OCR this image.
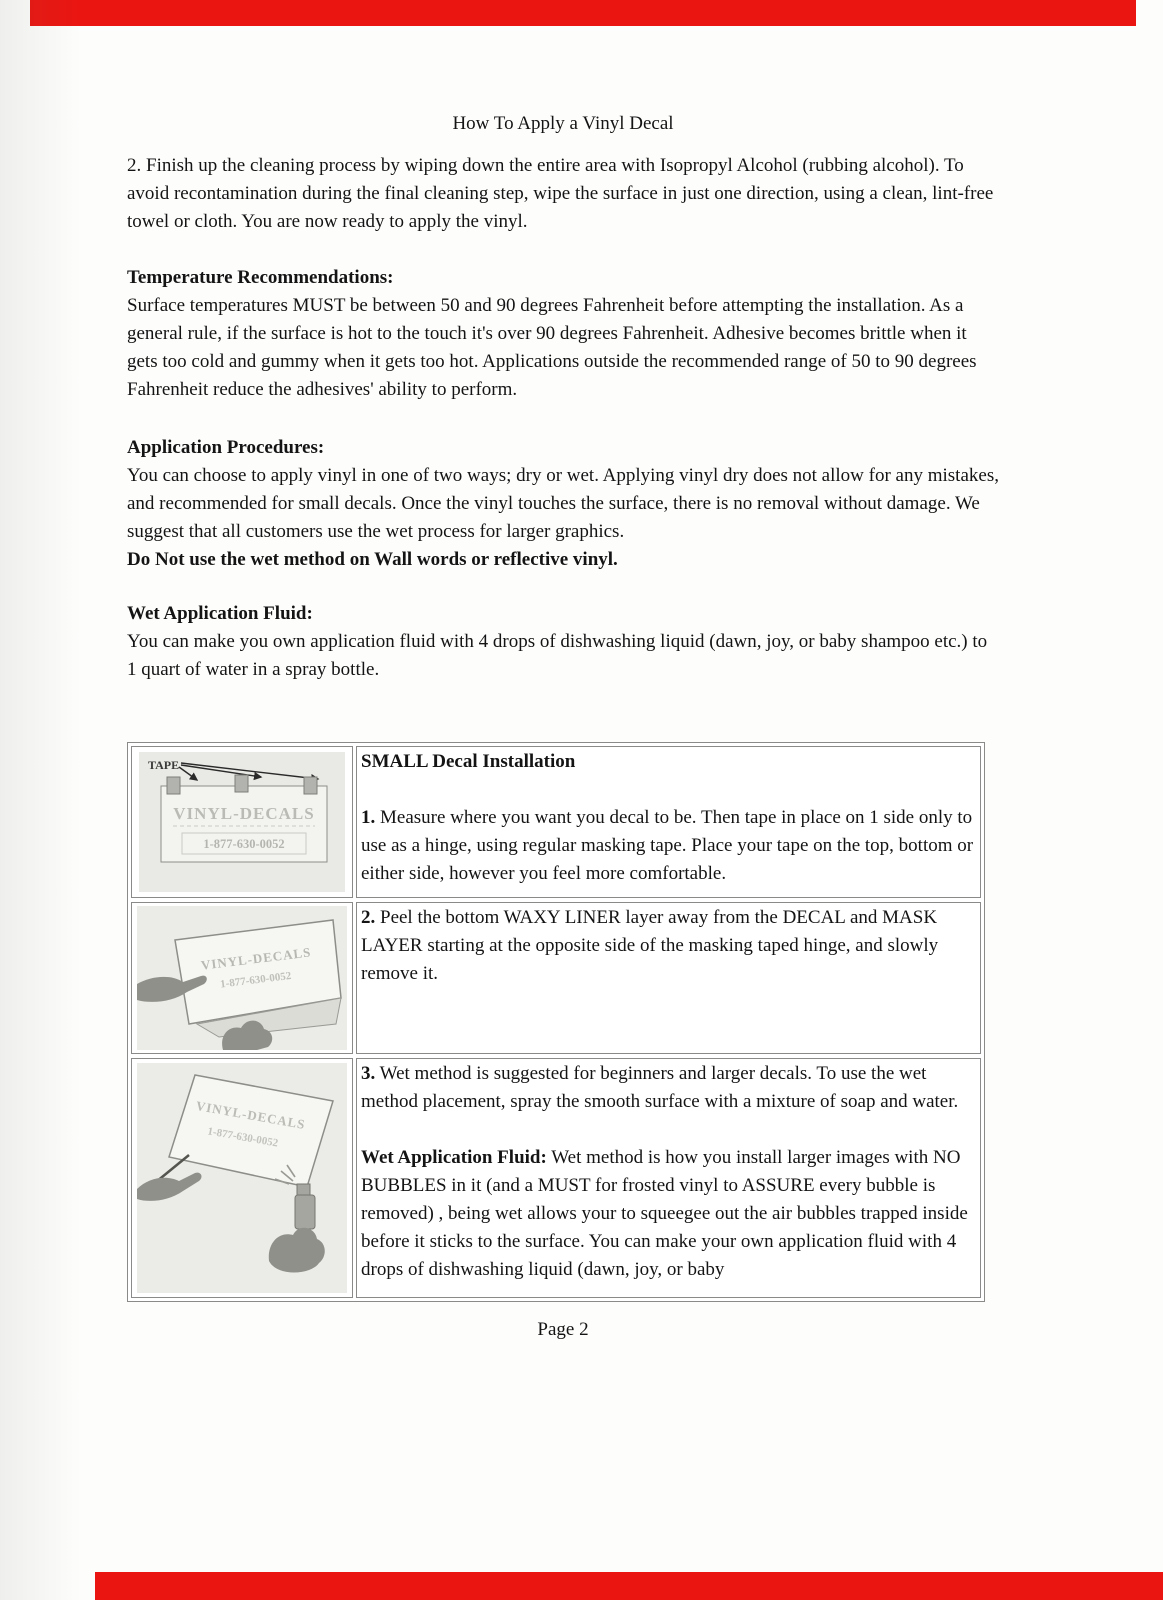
How To Apply a Vinyl Decal

2. Finish up the cleaning process by wiping down the entire area with Isopropyl Alcohol (rubbing alcohol). To avoid recontamination during the final cleaning step, wipe the surface in just one direction, using a clean, lint-free towel or cloth. You are now ready to apply the vinyl.

Temperature Recommendations:

Surface temperatures MUST be between 50 and 90 degrees Fahrenheit before attempting the installation. As a general rule, if the surface is hot to the touch it's over 90 degrees Fahrenheit. Adhesive becomes brittle when it gets too cold and gummy when it gets too hot. Applications outside the recommended range of 50 to 90 degrees Fahrenheit reduce the adhesives' ability to perform.

Application Procedures:

You can choose to apply vinyl in one of two ways; dry or wet. Applying vinyl dry does not allow for any mistakes, and recommended for small decals. Once the vinyl touches the surface, there is no removal without damage. We suggest that all customers use the wet process for larger graphics.

Do Not use the wet method on Wall words or reflective vinyl.

Wet Application Fluid:

You can make you own application fluid with 4 drops of dishwashing liquid (dawn, joy, or baby shampoo etc.) to 1 quart of water in a spray bottle.

TAPE
VINYL-DECALS
1-877-630-0052

SMALL Decal Installation

1. Measure where you want you decal to be. Then tape in place on 1 side only to use as a hinge, using regular masking tape. Place your tape on the top, bottom or either side, however you feel more comfortable.

VINYL-DECALS
1-877-630-0052

2. Peel the bottom WAXY LINER layer away from the DECAL and MASK LAYER starting at the opposite side of the masking taped hinge, and slowly remove it.

VINYL-DECALS
1-877-630-0052

3. Wet method is suggested for beginners and larger decals. To use the wet method placement, spray the smooth surface with a mixture of soap and water.

Wet Application Fluid: Wet method is how you install larger images with NO BUBBLES in it (and a MUST for frosted vinyl to ASSURE every bubble is removed) , being wet allows your to squeegee out the air bubbles trapped inside before it sticks to the surface. You can make your own application fluid with 4 drops of dishwashing liquid (dawn, joy, or baby

Page 2
